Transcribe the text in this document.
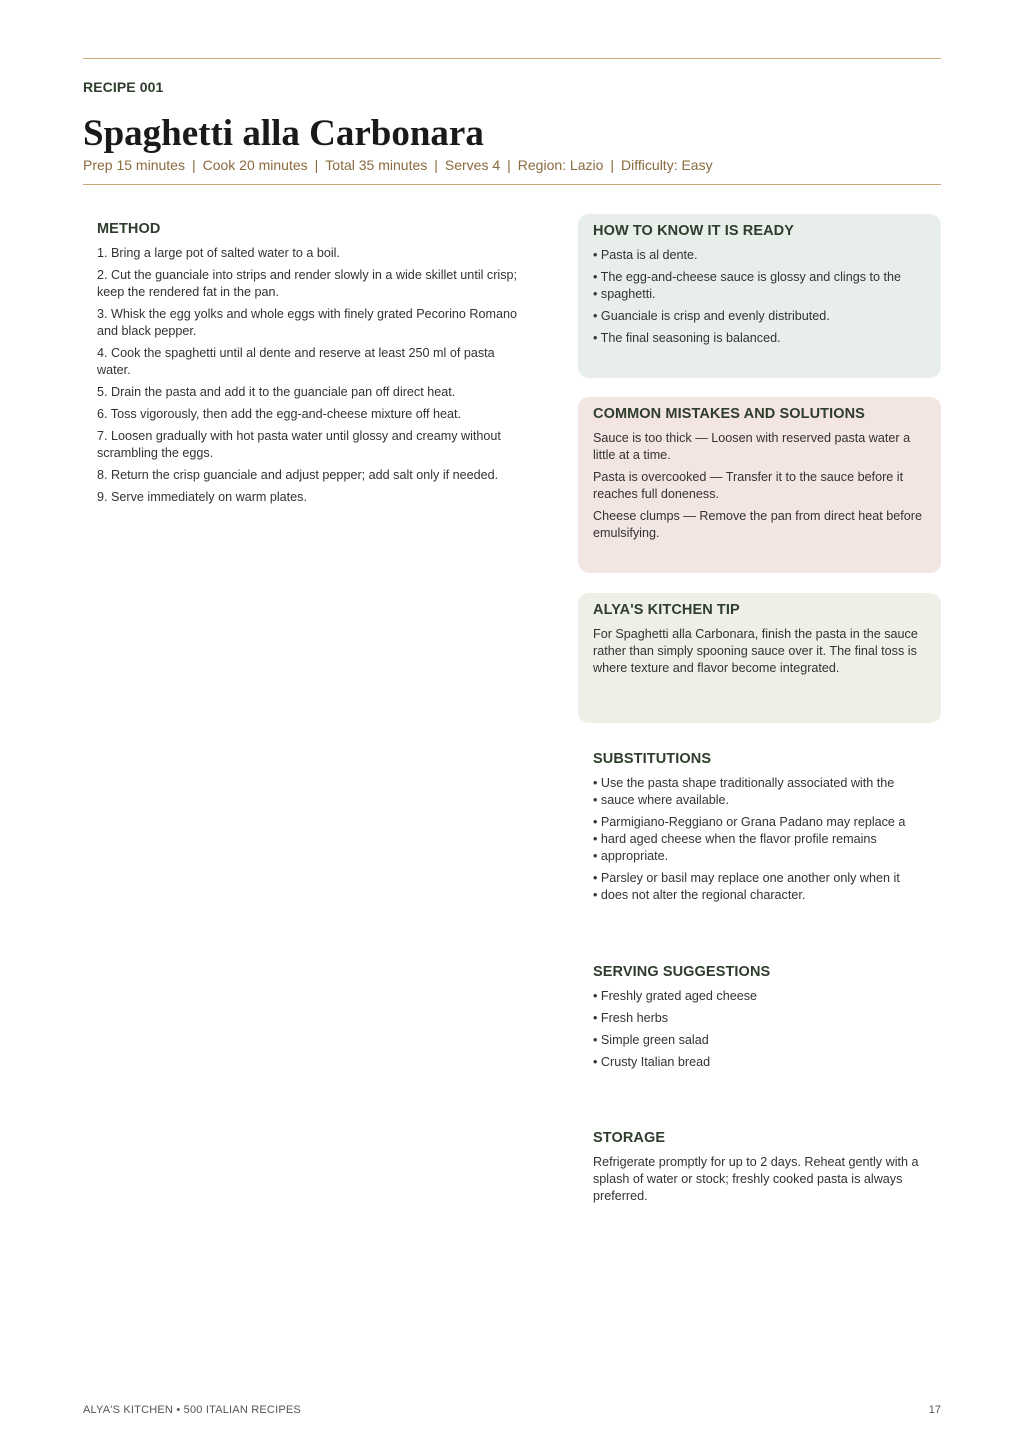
RECIPE 001
Spaghetti alla Carbonara
Prep 15 minutes | Cook 20 minutes | Total 35 minutes | Serves 4 | Region: Lazio | Difficulty: Easy
METHOD

1. Bring a large pot of salted water to a boil.

2. Cut the guanciale into strips and render slowly in a wide skillet until crisp; keep the rendered fat in the pan.

3. Whisk the egg yolks and whole eggs with finely grated Pecorino Romano and black pepper.

4. Cook the spaghetti until al dente and reserve at least 250 ml of pasta water.

5. Drain the pasta and add it to the guanciale pan off direct heat.

6. Toss vigorously, then add the egg-and-cheese mixture off heat.

7. Loosen gradually with hot pasta water until glossy and creamy without scrambling the eggs.

8. Return the crisp guanciale and adjust pepper; add salt only if needed.

9. Serve immediately on warm plates.

HOW TO KNOW IT IS READY

• Pasta is al dente.

• The egg-and-cheese sauce is glossy and clings to the

• spaghetti.

• Guanciale is crisp and evenly distributed.

• The final seasoning is balanced.

COMMON MISTAKES AND SOLUTIONS

Sauce is too thick — Loosen with reserved pasta water a little at a time.

Pasta is overcooked — Transfer it to the sauce before it reaches full doneness.

Cheese clumps — Remove the pan from direct heat before emulsifying.

ALYA'S KITCHEN TIP

For Spaghetti alla Carbonara, finish the pasta in the sauce rather than simply spooning sauce over it. The final toss is where texture and flavor become integrated.

SUBSTITUTIONS

• Use the pasta shape traditionally associated with the

• sauce where available.

• Parmigiano-Reggiano or Grana Padano may replace a

• hard aged cheese when the flavor profile remains

• appropriate.

• Parsley or basil may replace one another only when it

• does not alter the regional character.

SERVING SUGGESTIONS

• Freshly grated aged cheese

• Fresh herbs

• Simple green salad

• Crusty Italian bread

STORAGE

Refrigerate promptly for up to 2 days. Reheat gently with a splash of water or stock; freshly cooked pasta is always preferred.

ALYA'S KITCHEN • 500 ITALIAN RECIPES	17
